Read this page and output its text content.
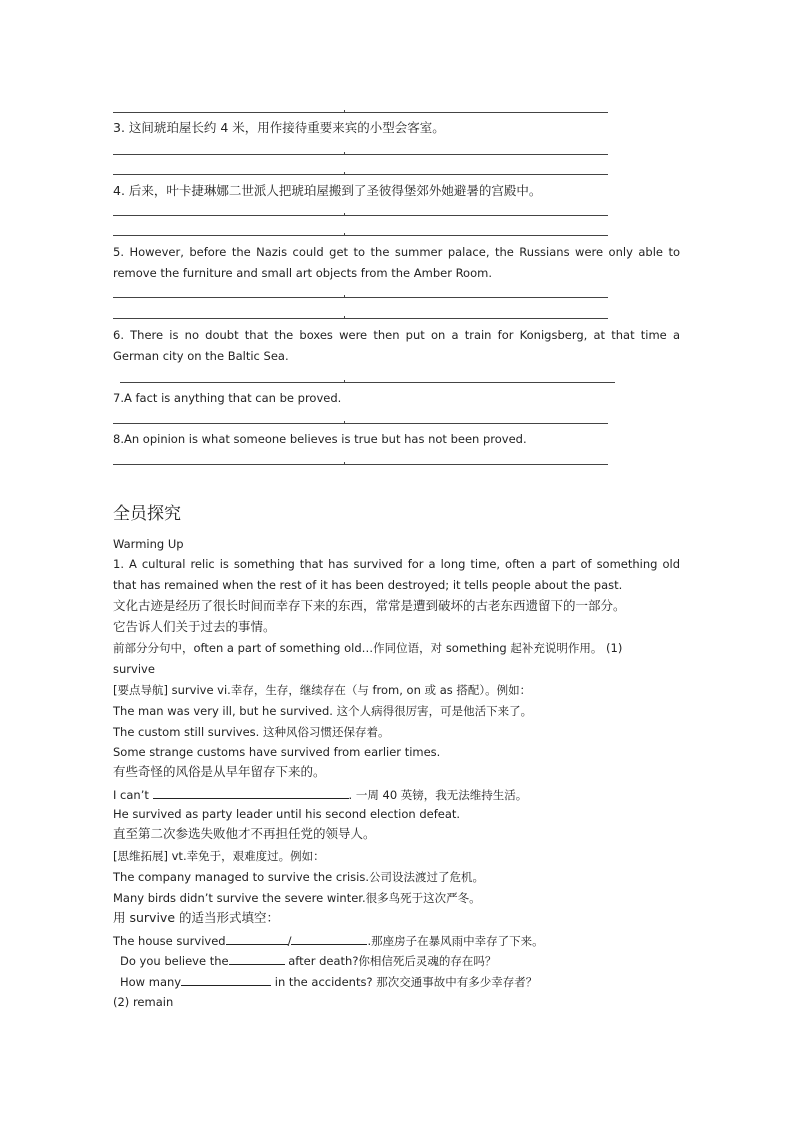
3. 这间琥珀屋长约 4 米，用作接待重要来宾的小型会客室。
4. 后来，叶卡捷琳娜二世派人把琥珀屋搬到了圣彼得堡郊外她避暑的宫殿中。
5. However, before the Nazis could get to the summer palace, the Russians were only able to remove the furniture and small art objects from the Amber Room.
6. There is no doubt that the boxes were then put on a train for Konigsberg, at that time a German city on the Baltic Sea.
7.A fact is anything that can be proved.
8.An opinion is what someone believes is true but has not been proved.
全员探究
Warming Up
1. A cultural relic is something that has survived for a long time, often a part of something old that has remained when the rest of it has been destroyed; it tells people about the past.
文化古迹是经历了很长时间而幸存下来的东西，常常是遭到破坏的古老东西遗留下的一部分。
它告诉人们关于过去的事情。
前部分分句中，often a part of something old…作同位语，对 something 起补充说明作用。 (1)
survive
[要点导航] survive vi.幸存，生存，继续存在（与 from, on 或 as 搭配）。例如：
The man was very ill, but he survived. 这个人病得很厉害，可是他活下来了。
The custom still survives. 这种风俗习惯还保存着。
Some strange customs have survived from earlier times.
有些奇怪的风俗是从早年留存下来的。
I can’t	. 一周 40 英镑，我无法维持生活。
He survived as party leader until his second election defeat.
直至第二次参选失败他才不再担任党的领导人。
[思维拓展] vt.幸免于，艰难度过。例如：
The company managed to survive the crisis.公司设法渡过了危机。
Many birds didn’t survive the severe winter.很多鸟死于这次严冬。
用 survive 的适当形式填空：
The house survived	/	.那座房子在暴风雨中幸存了下来。
Do you believe the	after death?你相信死后灵魂的存在吗？
How many	in the accidents? 那次交通事故中有多少幸存者？
(2) remain
